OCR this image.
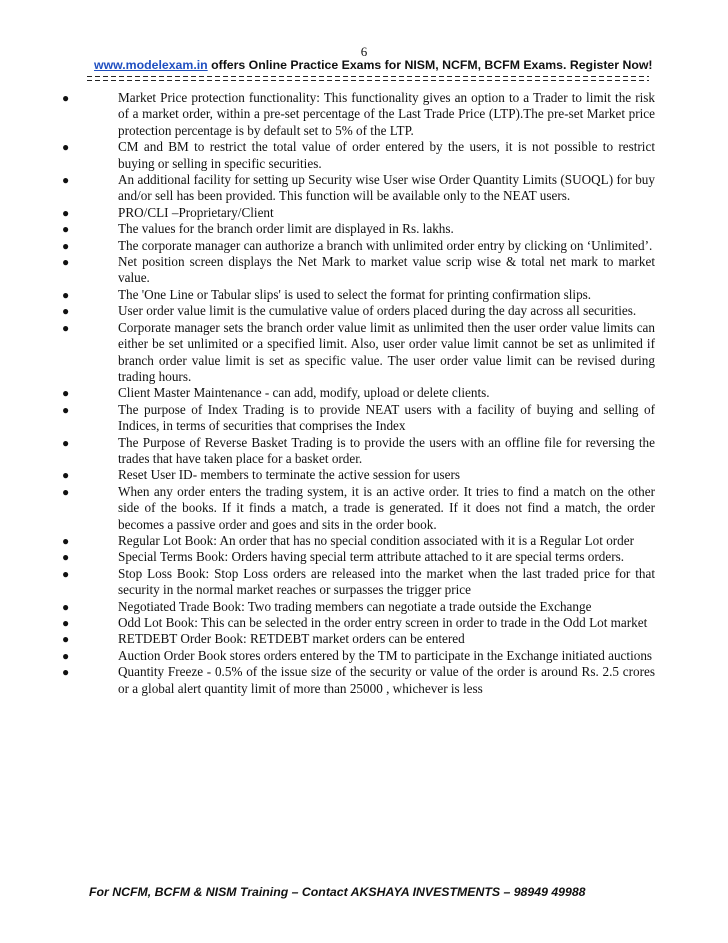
6
www.modelexam.in offers Online Practice Exams for NISM, NCFM, BCFM Exams. Register Now!
●	Market Price protection functionality: This functionality gives an option to a Trader to limit the risk of a market order, within a pre-set percentage of the Last Trade Price (LTP).The pre-set Market price protection percentage is by default set to 5% of the LTP.
●	CM and BM to restrict the total value of order entered by the users, it is not possible to restrict buying or selling in specific securities.
●	An additional facility for setting up Security wise User wise Order Quantity Limits (SUOQL) for buy and/or sell has been provided. This function will be available only to the NEAT users.
●	PRO/CLI –Proprietary/Client
●	The values for the branch order limit are displayed in Rs. lakhs.
●	The corporate manager can authorize a branch with unlimited order entry by clicking on ‘Unlimited’.
●	Net position screen displays the Net Mark to market value scrip wise & total net mark to market value.
●	The 'One Line or Tabular slips' is used to select the format for printing confirmation slips.
●	User order value limit is the cumulative value of orders placed during the day across all securities.
●	Corporate manager sets the branch order value limit as unlimited then the user order value limits can either be set unlimited or a specified limit. Also, user order value limit cannot be set as unlimited if branch order value limit is set as specific value. The user order value limit can be revised during trading hours.
●	Client Master Maintenance - can add, modify, upload or delete clients.
●	The purpose of Index Trading is to provide NEAT users with a facility of buying and selling of Indices, in terms of securities that comprises the Index
●	The Purpose of Reverse Basket Trading is to provide the users with an offline file for reversing the trades that have taken place for a basket order.
●	Reset User ID- members to terminate the active session for users
●	When any order enters the trading system, it is an active order. It tries to find a match on the other side of the books. If it finds a match, a trade is generated. If it does not find a match, the order becomes a passive order and goes and sits in the order book.
●	Regular Lot Book: An order that has no special condition associated with it is a Regular Lot order
●	Special Terms Book: Orders having special term attribute attached to it are special terms orders.
●	Stop Loss Book: Stop Loss orders are released into the market when the last traded price for that security in the normal market reaches or surpasses the trigger price
●	Negotiated Trade Book: Two trading members can negotiate a trade outside the Exchange
●	Odd Lot Book: This can be selected in the order entry screen in order to trade in the Odd Lot market
●	RETDEBT Order Book: RETDEBT market orders can be entered
●	Auction Order Book stores orders entered by the TM to participate in the Exchange initiated auctions
●	Quantity Freeze - 0.5% of the issue size of the security or value of the order is around Rs. 2.5 crores or a global alert quantity limit of more than 25000 , whichever is less
For NCFM, BCFM & NISM Training – Contact AKSHAYA INVESTMENTS – 98949 49988
